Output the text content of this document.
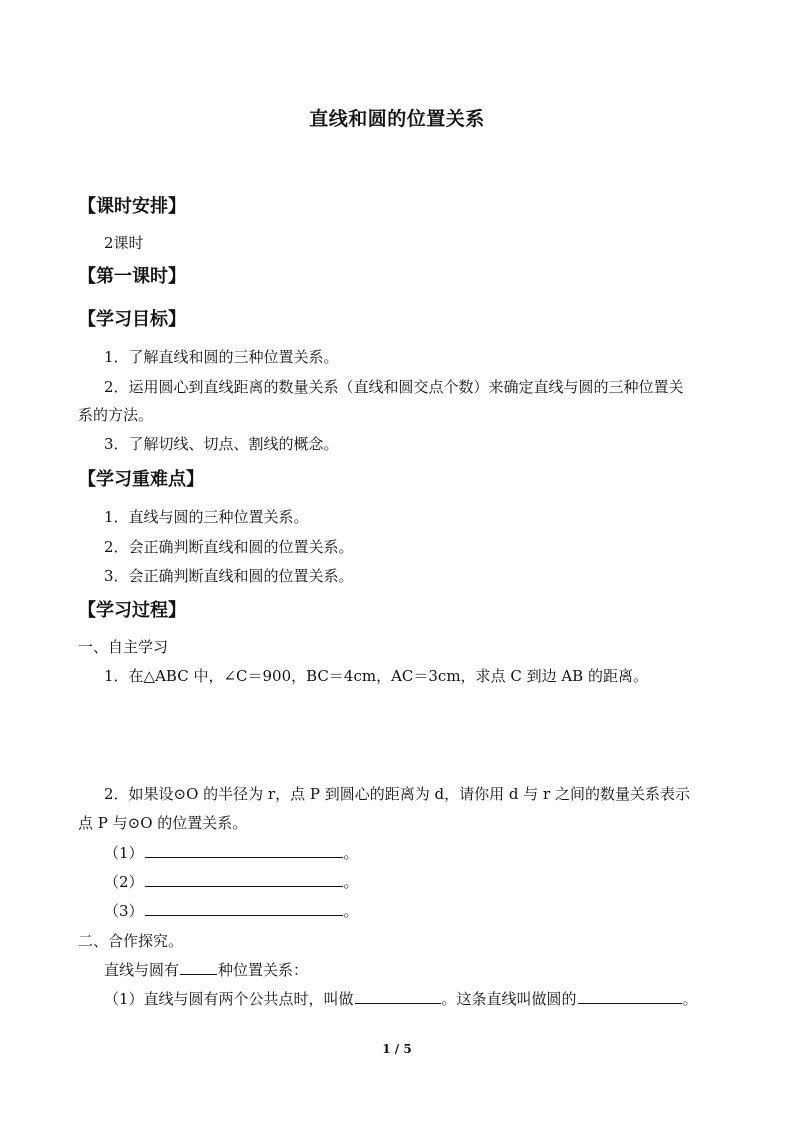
直线和圆的位置关系
【课时安排】
2课时
【第一课时】
【学习目标】
1．了解直线和圆的三种位置关系。
2．运用圆心到直线距离的数量关系（直线和圆交点个数）来确定直线与圆的三种位置关
系的方法。
3．了解切线、切点、割线的概念。
【学习重难点】
1．直线与圆的三种位置关系。
2．会正确判断直线和圆的位置关系。
3．会正确判断直线和圆的位置关系。
【学习过程】
一、自主学习
1．在△ABC 中，∠C＝900，BC＝4cm，AC＝3cm，求点 C 到边 AB 的距离。
2．如果设⊙O 的半径为 r，点 P 到圆心的距离为 d，请你用 d 与 r 之间的数量关系表示
点 P 与⊙O 的位置关系。
（1）	。
（2）	。
（3）	。
二、合作探究。
直线与圆有	种位置关系：
（1）直线与圆有两个公共点时，叫做	。这条直线叫做圆的	。
1 / 5
